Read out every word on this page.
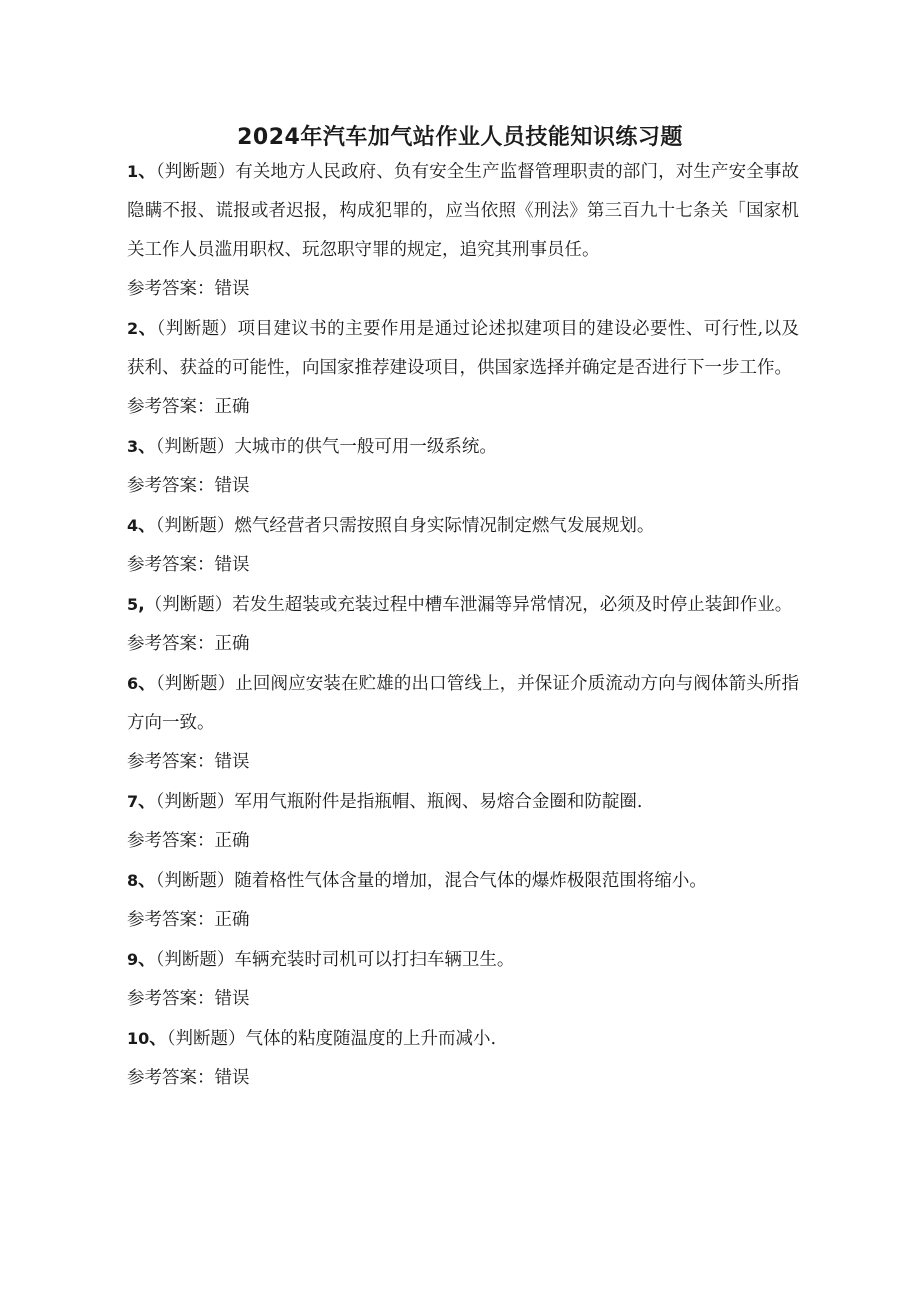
2024年汽车加气站作业人员技能知识练习题
1、（判断题）有关地方人民政府、负有安全生产监督管理职责的部门，对生产安全事故隐瞒不报、谎报或者迟报，构成犯罪的，应当依照《刑法》第三百九十七条关「国家机关工作人员滥用职权、玩忽职守罪的规定，追究其刑事员任。
参考答案：错误
2、（判断题）项目建议书的主要作用是通过论述拟建项目的建设必要性、可行性,以及获利、获益的可能性，向国家推荐建设项目，供国家选择并确定是否进行下一步工作。
参考答案：正确
3、（判断题）大城市的供气一般可用一级系统。
参考答案：错误
4、（判断题）燃气经营者只需按照自身实际情况制定燃气发展规划。
参考答案：错误
5,（判断题）若发生超装或充装过程中槽车泄漏等异常情况，必须及时停止装卸作业。
参考答案：正确
6、（判断题）止回阀应安装在贮雄的出口管线上，并保证介质流动方向与阀体箭头所指方向一致。
参考答案：错误
7、（判断题）军用气瓶附件是指瓶帽、瓶阀、易熔合金圈和防靛圈.
参考答案：正确
8、（判断题）随着格性气体含量的增加，混合气体的爆炸极限范围将缩小。
参考答案：正确
9、（判断题）车辆充装时司机可以打扫车辆卫生。
参考答案：错误
10、（判断题）气体的粘度随温度的上升而减小.
参考答案：错误
